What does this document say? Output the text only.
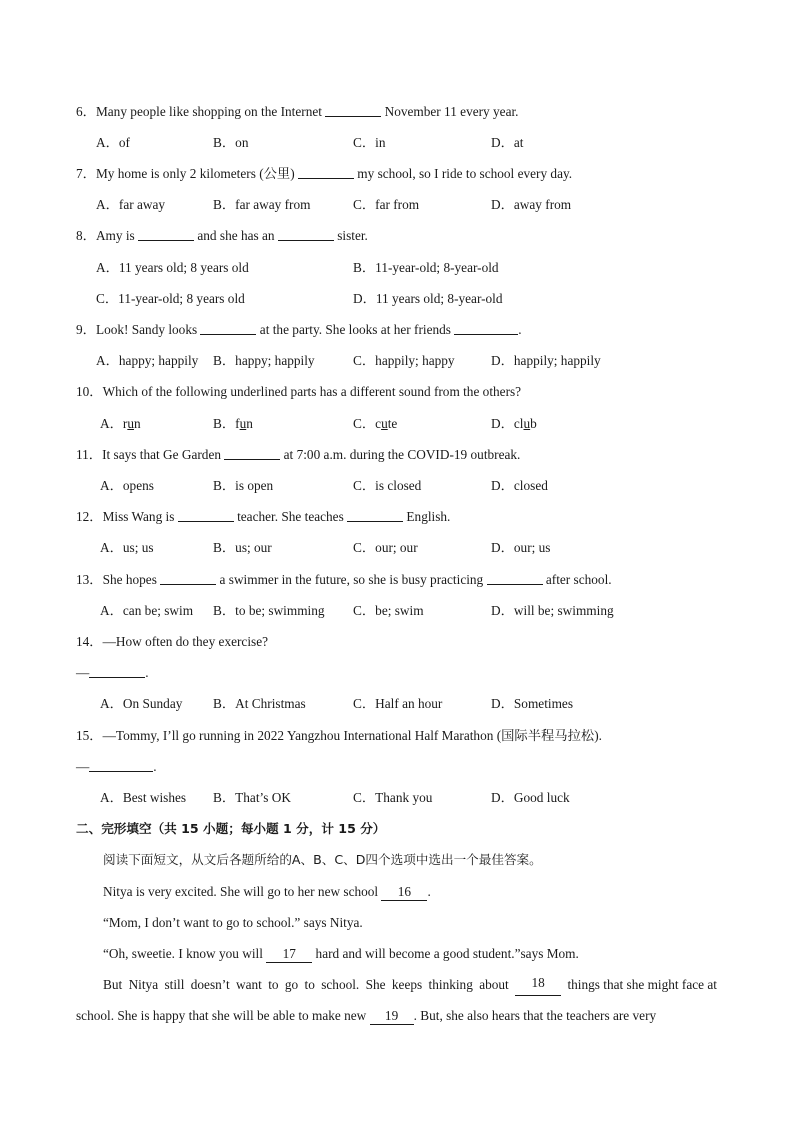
6．Many people like shopping on the Internet	November 11 every year.
A．of	B．on	C．in	D．at
7．My home is only 2 kilometers (公里)	my school, so I ride to school every day.
A．far away	B．far away from	C．far from	D．away from
8．Amy is	and she has an	sister.
A．11 years old; 8 years old	B．11-year-old; 8-year-old
C．11-year-old; 8 years old	D．11 years old; 8-year-old
9．Look! Sandy looks	at the party. She looks at her friends	.
A．happy; happily B．happy; happily	C．happily; happy	D．happily; happily
10．Which of the following underlined parts has a different sound from the others?
A．run	B．fun	C．cute	D．club
11．It says that Ge Garden	at 7:00 a.m. during the COVID-19 outbreak.
A．opens	B．is open	C．is closed	D．closed
12．Miss Wang is	teacher. She teaches	English.
A．us; us	B．us; our	C．our; our	D．our; us
13．She hopes	a swimmer in the future, so she is busy practicing	after school.
A．can be; swim B．to be; swimming C．be; swim	D．will be; swimming
14．—How often do they exercise?
—	.
A．On Sunday B．At Christmas	C．Half an hour	D．Sometimes
15．—Tommy, I’ll go running in 2022 Yangzhou International Half Marathon (国际半程马拉松).
—	.
A．Best wishes B．That’s OK	C．Thank you	D．Good luck
二、完形填空（共 15 小题；每小题 1 分，计 15 分）
阅读下面短文，从文后各题所给的A、B、C、D四个选项中选出一个最佳答案。
Nitya is very excited. She will go to her new school 16 .
“Mom, I don’t want to go to school.” says Nitya.
“Oh, sweetie. I know you will 17 hard and will become a good student.”says Mom.
But Nitya still doesn’t want to go to school. She keeps thinking about	18	things that she might face at
school. She is happy that she will be able to make new 19 . But, she also hears that the teachers are very
